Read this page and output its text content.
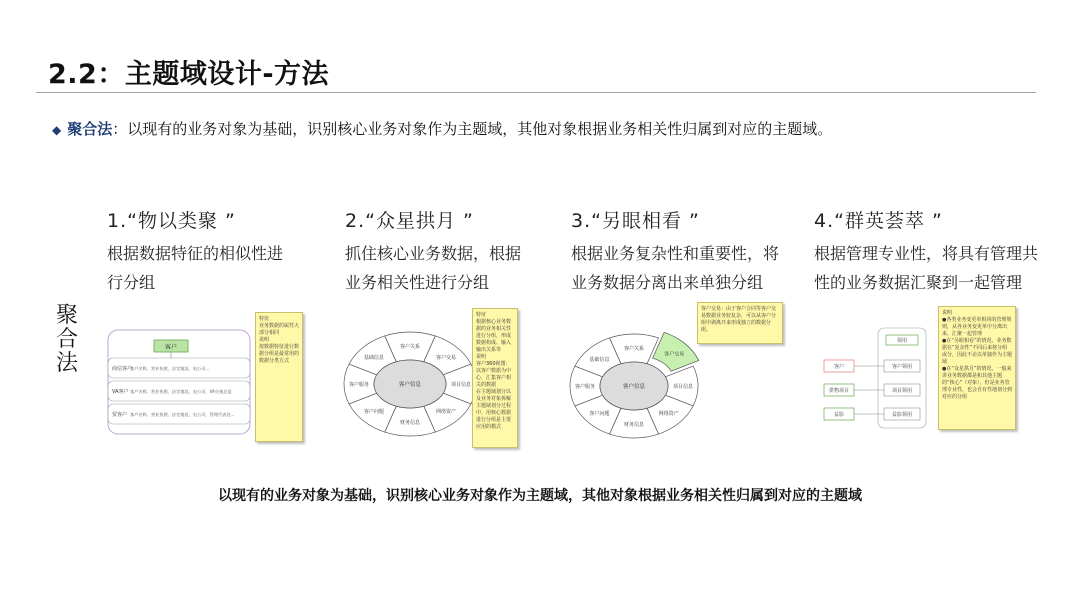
2.2：主题域设计-方法
◆ 聚合法：以现有的业务对象为基础，识别核心业务对象作为主题域，其他对象根据业务相关性归属到对应的主题域。
聚
合
法
1.“物以类聚 ”
根据数据特征的相似性进行分组
2.“众星拱月 ”
抓住核心业务数据，根据业务相关性进行分组
3.“另眼相看 ”
根据业务复杂性和重要性，将业务数据分离出来单独分组
4.“群英荟萃 ”
根据管理专业性，将具有管理共性的业务数据汇聚到一起管理
客户
商信客户
客户名称、营业执照、法定地址、电公司...
VA客户 客户名称、营业执照、法定地址、电公司、VA分值总览
贸客户 客户名称、营业执照、法定地址、电公司、管理代表处...
特征
业务数据的属性大部分相同
说明
按数据特征进行数据分组是最常用的数据分类方式
客户关系
客户交易
项目信息
网络资产
财务信息
客户问题
客户服务
基础信息
客户信息
特征
根据核心业务数据的业务相关性进行分组，形成数据构成、输入输出关系等
说明
客户360视图：以客户数据为中心，汇集客户相关的数据
在主题域划分以及业务对象拆解主题域划分过程中，用核心数据进行分组是主要应用的模式
客户关系
客户交易
项目信息
网络资产
财务信息
客户问题
客户服务
基础信息
客户信息
客户交易：由于客户合同等客户交易数据业务较复杂，可以从客户分组中剥离开来形成独立的数据分组。
领用
客户
供物项目
益影
客户领用
项目领用
益影领用
说明
●各类业务变更单相同的管理规则，从各业务变更单中分离出来，汇聚一起管理
●在“另眼相看”的情况，业务数据在“复杂性”不同后来将分组或分，因此不论以单独作为主题域
●在“众星拱月”的情况，一般来讲业务数据都是和其他主题的“核心”（对象），但是业务管理专业性，也会自有性地划分到对应的分组
以现有的业务对象为基础，识别核心业务对象作为主题域，其他对象根据业务相关性归属到对应的主题域
